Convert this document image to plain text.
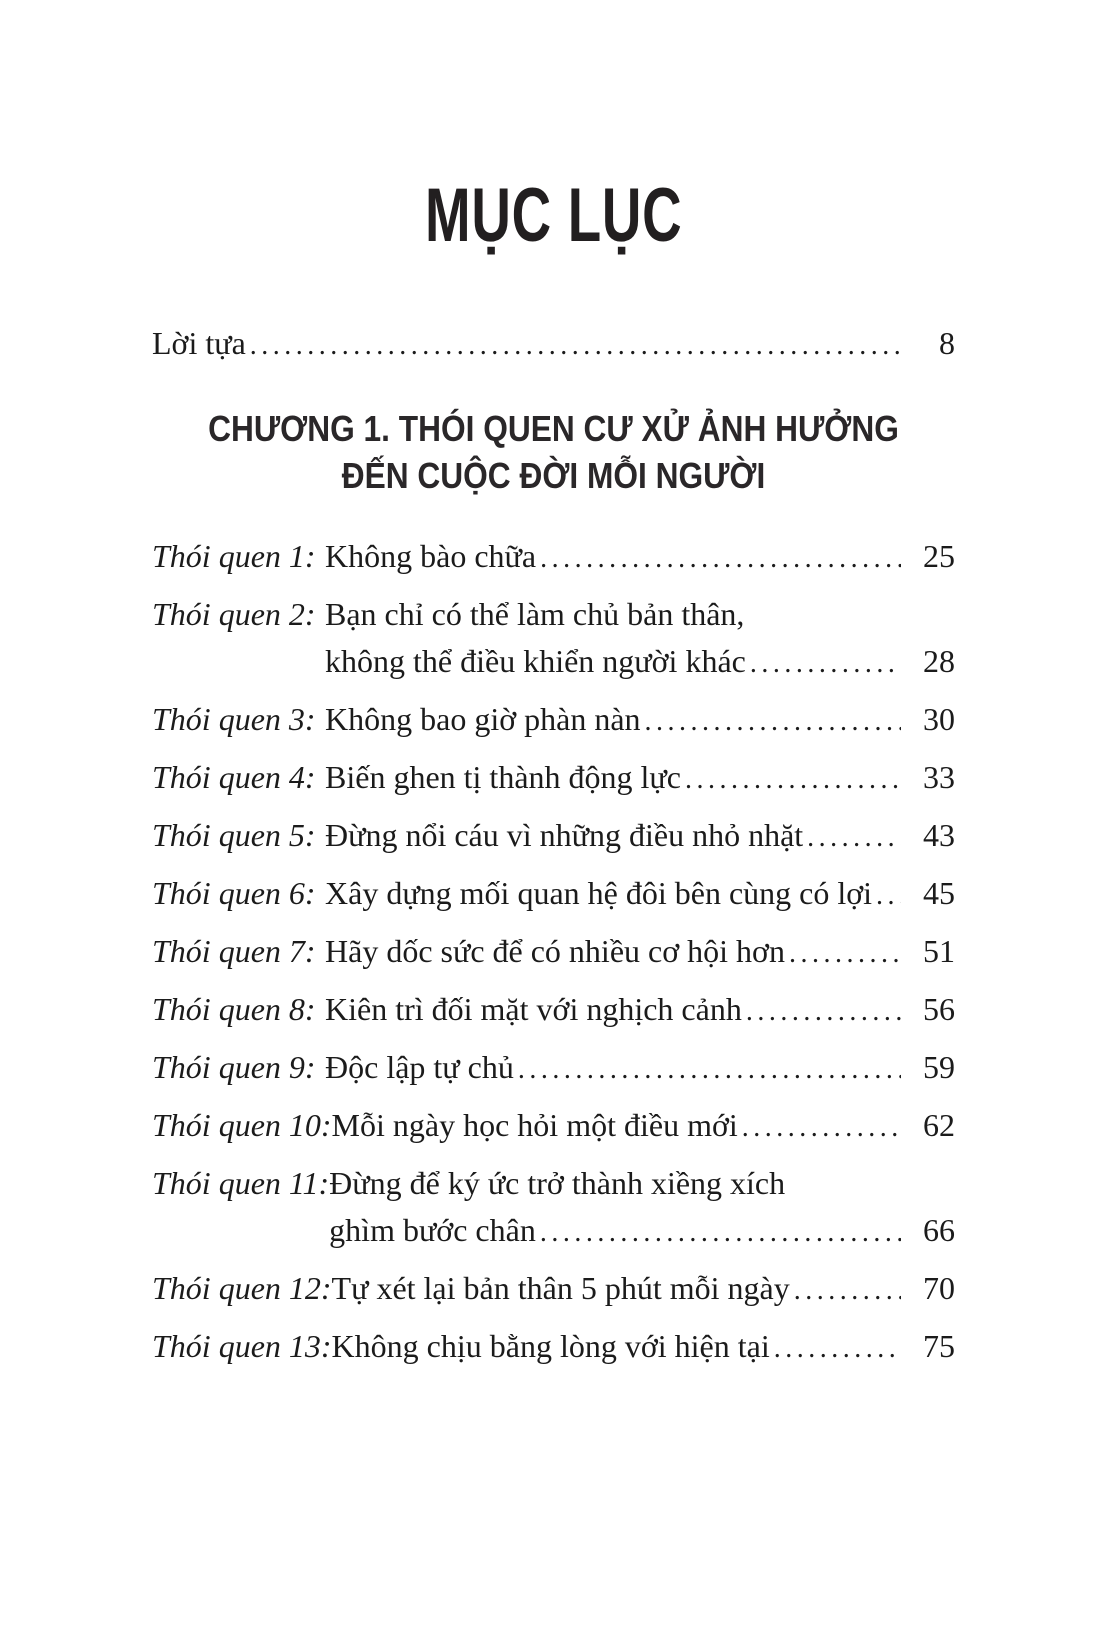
MỤC LỤC
Lời tựa .....	8
CHƯƠNG 1. THÓI QUEN CƯ XỬ ẢNH HƯỞNG
ĐẾN CUỘC ĐỜI MỖI NGƯỜI
Thói quen 1: Không bào chữa .....	25
Thói quen 2: Bạn chỉ có thể làm chủ bản thân,
không thể điều khiển người khác .....	28
Thói quen 3: Không bao giờ phàn nàn .....	30
Thói quen 4: Biến ghen tị thành động lực .....	33
Thói quen 5: Đừng nổi cáu vì những điều nhỏ nhặt .....	43
Thói quen 6: Xây dựng mối quan hệ đôi bên cùng có lợi .....	45
Thói quen 7: Hãy dốc sức để có nhiều cơ hội hơn .....	51
Thói quen 8: Kiên trì đối mặt với nghịch cảnh .....	56
Thói quen 9: Độc lập tự chủ .....	59
Thói quen 10: Mỗi ngày học hỏi một điều mới .....	62
Thói quen 11: Đừng để ký ức trở thành xiềng xích
ghìm bước chân .....	66
Thói quen 12: Tự xét lại bản thân 5 phút mỗi ngày .....	70
Thói quen 13: Không chịu bằng lòng với hiện tại .....	75
